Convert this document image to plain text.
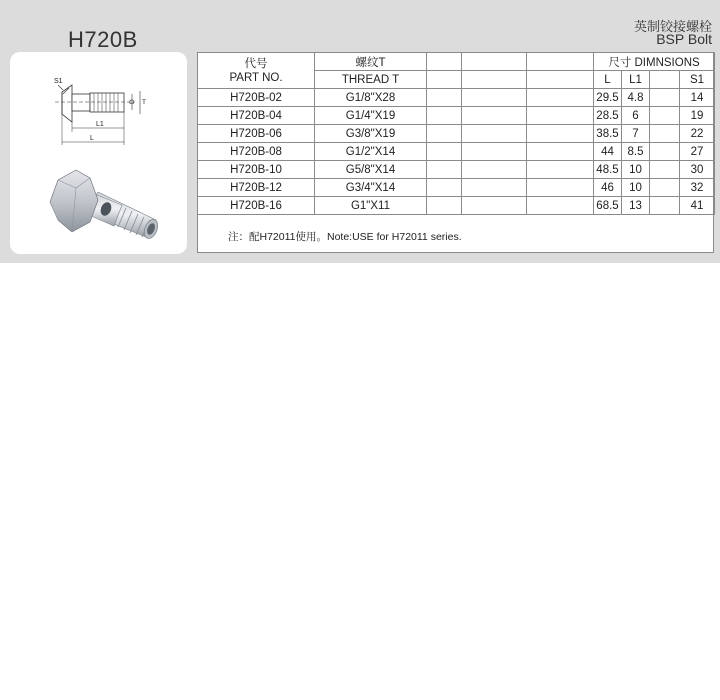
H720B
英制铰接螺栓
BSP Bolt
S1
D T
L1
L
代号
PART NO.	螺纹T				尺寸 DIMNSIONS			
	THREAD T				L	L1		S1
H720B-02	G1/8"X28				29.5	4.8		14
H720B-04	G1/4"X19				28.5	6		19
H720B-06	G3/8"X19				38.5	7		22
H720B-08	G1/2"X14				44	8.5		27
H720B-10	G5/8"X14				48.5	10		30
H720B-12	G3/4"X14				46	10		32
H720B-16	G1"X11				68.5	13		41
注：配H72011使用。Note:USE for H72011 series.
